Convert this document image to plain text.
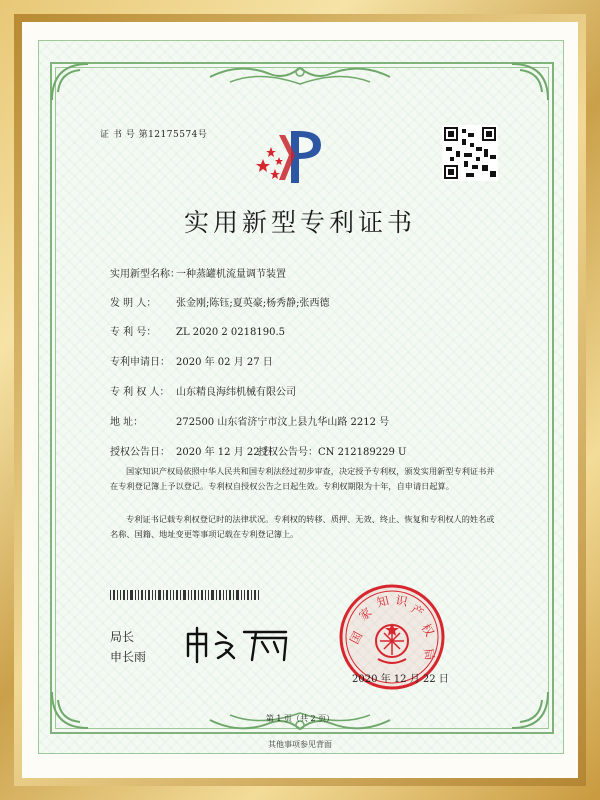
证 书 号 第12175574号
实用新型专利证书
实用新型名称：一种蒸罐机流量调节装置
发 明 人： 张金刚;陈钰;夏英豪;杨秀静;张西德
专 利 号： ZL 2020 2 0218190.5
专利申请日： 2020 年 02 月 27 日
专 利 权 人： 山东精良海纬机械有限公司
地 址：	272500 山东省济宁市汶上县九华山路 2212 号
授权公告日： 2020 年 12 月 22 日授权公告号：CN 212189229 U
国家知识产权局依照中华人民共和国专利法经过初步审查，决定授予专利权，颁发实用新型专利证书并在专利登记簿上予以登记。专利权自授权公告之日起生效。专利权期限为十年，自申请日起算。
专利证书记载专利权登记时的法律状况。专利权的转移、质押、无效、终止、恢复和专利权人的姓名或名称、国籍、地址变更等事项记载在专利登记簿上。
局长
申长雨
国
家
知 识
产
权
局
2020 年 12 月 22 日
第 1 页（共 2 页）
其他事项参见背面
